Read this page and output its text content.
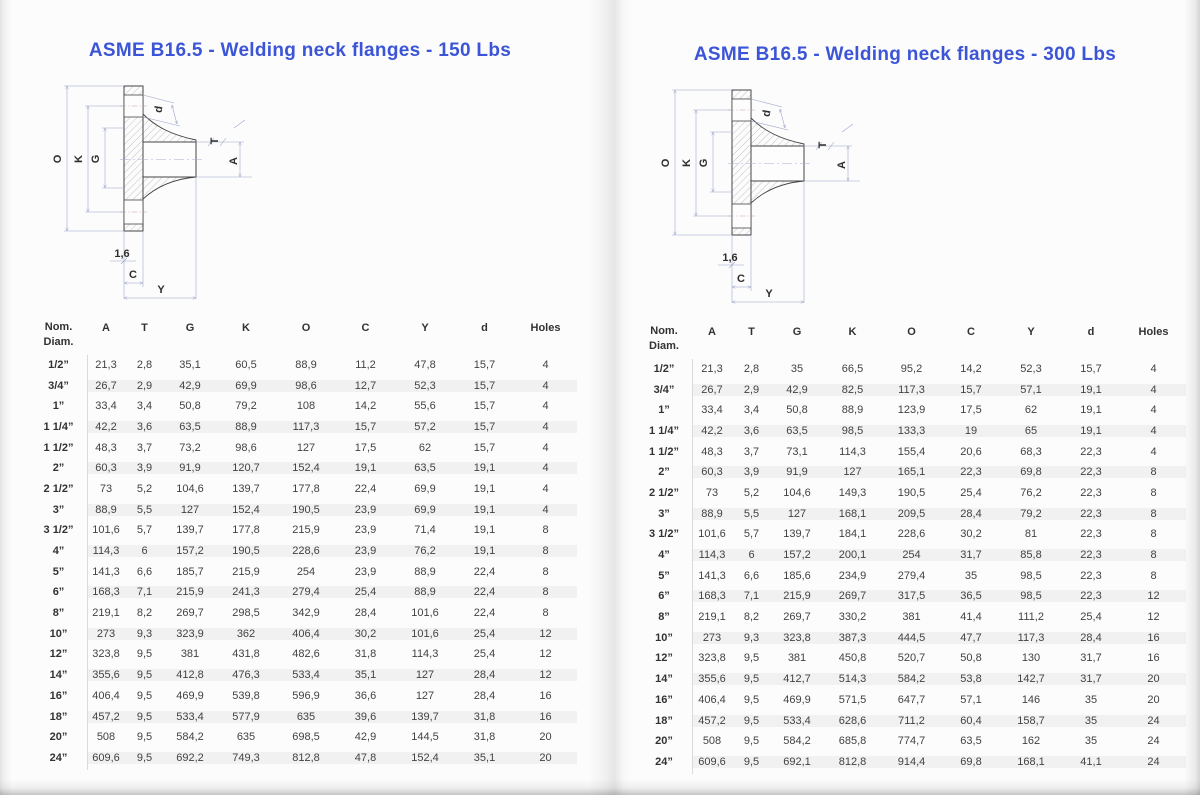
ASME B16.5 - Welding neck flanges - 150 Lbs
O K G
d
T
A
1,6
C
Y
Nom.
Diam.
A	T	G	K	O	C	Y	d	Holes
1/2”	21,3	2,8	35,1	60,5	88,9	11,2	47,8	15,7	4
3/4”	26,7	2,9	42,9	69,9	98,6	12,7	52,3	15,7	4
1”	33,4	3,4	50,8	79,2	108	14,2	55,6	15,7	4
1 1/4”	42,2	3,6	63,5	88,9	117,3	15,7	57,2	15,7	4
1 1/2”	48,3	3,7	73,2	98,6	127	17,5	62	15,7	4
2”	60,3	3,9	91,9	120,7	152,4	19,1	63,5	19,1	4
2 1/2”	73	5,2	104,6	139,7	177,8	22,4	69,9	19,1	4
3”	88,9	5,5	127	152,4	190,5	23,9	69,9	19,1	4
3 1/2”	101,6	5,7	139,7	177,8	215,9	23,9	71,4	19,1	8
4”	114,3	6	157,2	190,5	228,6	23,9	76,2	19,1	8
5”	141,3	6,6	185,7	215,9	254	23,9	88,9	22,4	8
6”	168,3	7,1	215,9	241,3	279,4	25,4	88,9	22,4	8
8”	219,1	8,2	269,7	298,5	342,9	28,4	101,6	22,4	8
10”	273	9,3	323,9	362	406,4	30,2	101,6	25,4	12
12”	323,8	9,5	381	431,8	482,6	31,8	114,3	25,4	12
14”	355,6	9,5	412,8	476,3	533,4	35,1	127	28,4	12
16”	406,4	9,5	469,9	539,8	596,9	36,6	127	28,4	16
18”	457,2	9,5	533,4	577,9	635	39,6	139,7	31,8	16
20”	508	9,5	584,2	635	698,5	42,9	144,5	31,8	20
24”	609,6	9,5	692,2	749,3	812,8	47,8	152,4	35,1	20
ASME B16.5 - Welding neck flanges - 300 Lbs
O K G
d
T
A
1,6
C
Y
Nom.
Diam.
A	T	G	K	O	C	Y	d	Holes
1/2”	21,3	2,8	35	66,5	95,2	14,2	52,3	15,7	4
3/4”	26,7	2,9	42,9	82,5	117,3	15,7	57,1	19,1	4
1”	33,4	3,4	50,8	88,9	123,9	17,5	62	19,1	4
1 1/4”	42,2	3,6	63,5	98,5	133,3	19	65	19,1	4
1 1/2”	48,3	3,7	73,1	114,3	155,4	20,6	68,3	22,3	4
2”	60,3	3,9	91,9	127	165,1	22,3	69,8	22,3	8
2 1/2”	73	5,2	104,6	149,3	190,5	25,4	76,2	22,3	8
3”	88,9	5,5	127	168,1	209,5	28,4	79,2	22,3	8
3 1/2”	101,6	5,7	139,7	184,1	228,6	30,2	81	22,3	8
4”	114,3	6	157,2	200,1	254	31,7	85,8	22,3	8
5”	141,3	6,6	185,6	234,9	279,4	35	98,5	22,3	8
6”	168,3	7,1	215,9	269,7	317,5	36,5	98,5	22,3	12
8”	219,1	8,2	269,7	330,2	381	41,4	111,2	25,4	12
10”	273	9,3	323,8	387,3	444,5	47,7	117,3	28,4	16
12”	323,8	9,5	381	450,8	520,7	50,8	130	31,7	16
14”	355,6	9,5	412,7	514,3	584,2	53,8	142,7	31,7	20
16”	406,4	9,5	469,9	571,5	647,7	57,1	146	35	20
18”	457,2	9,5	533,4	628,6	711,2	60,4	158,7	35	24
20”	508	9,5	584,2	685,8	774,7	63,5	162	35	24
24”	609,6	9,5	692,1	812,8	914,4	69,8	168,1	41,1	24
